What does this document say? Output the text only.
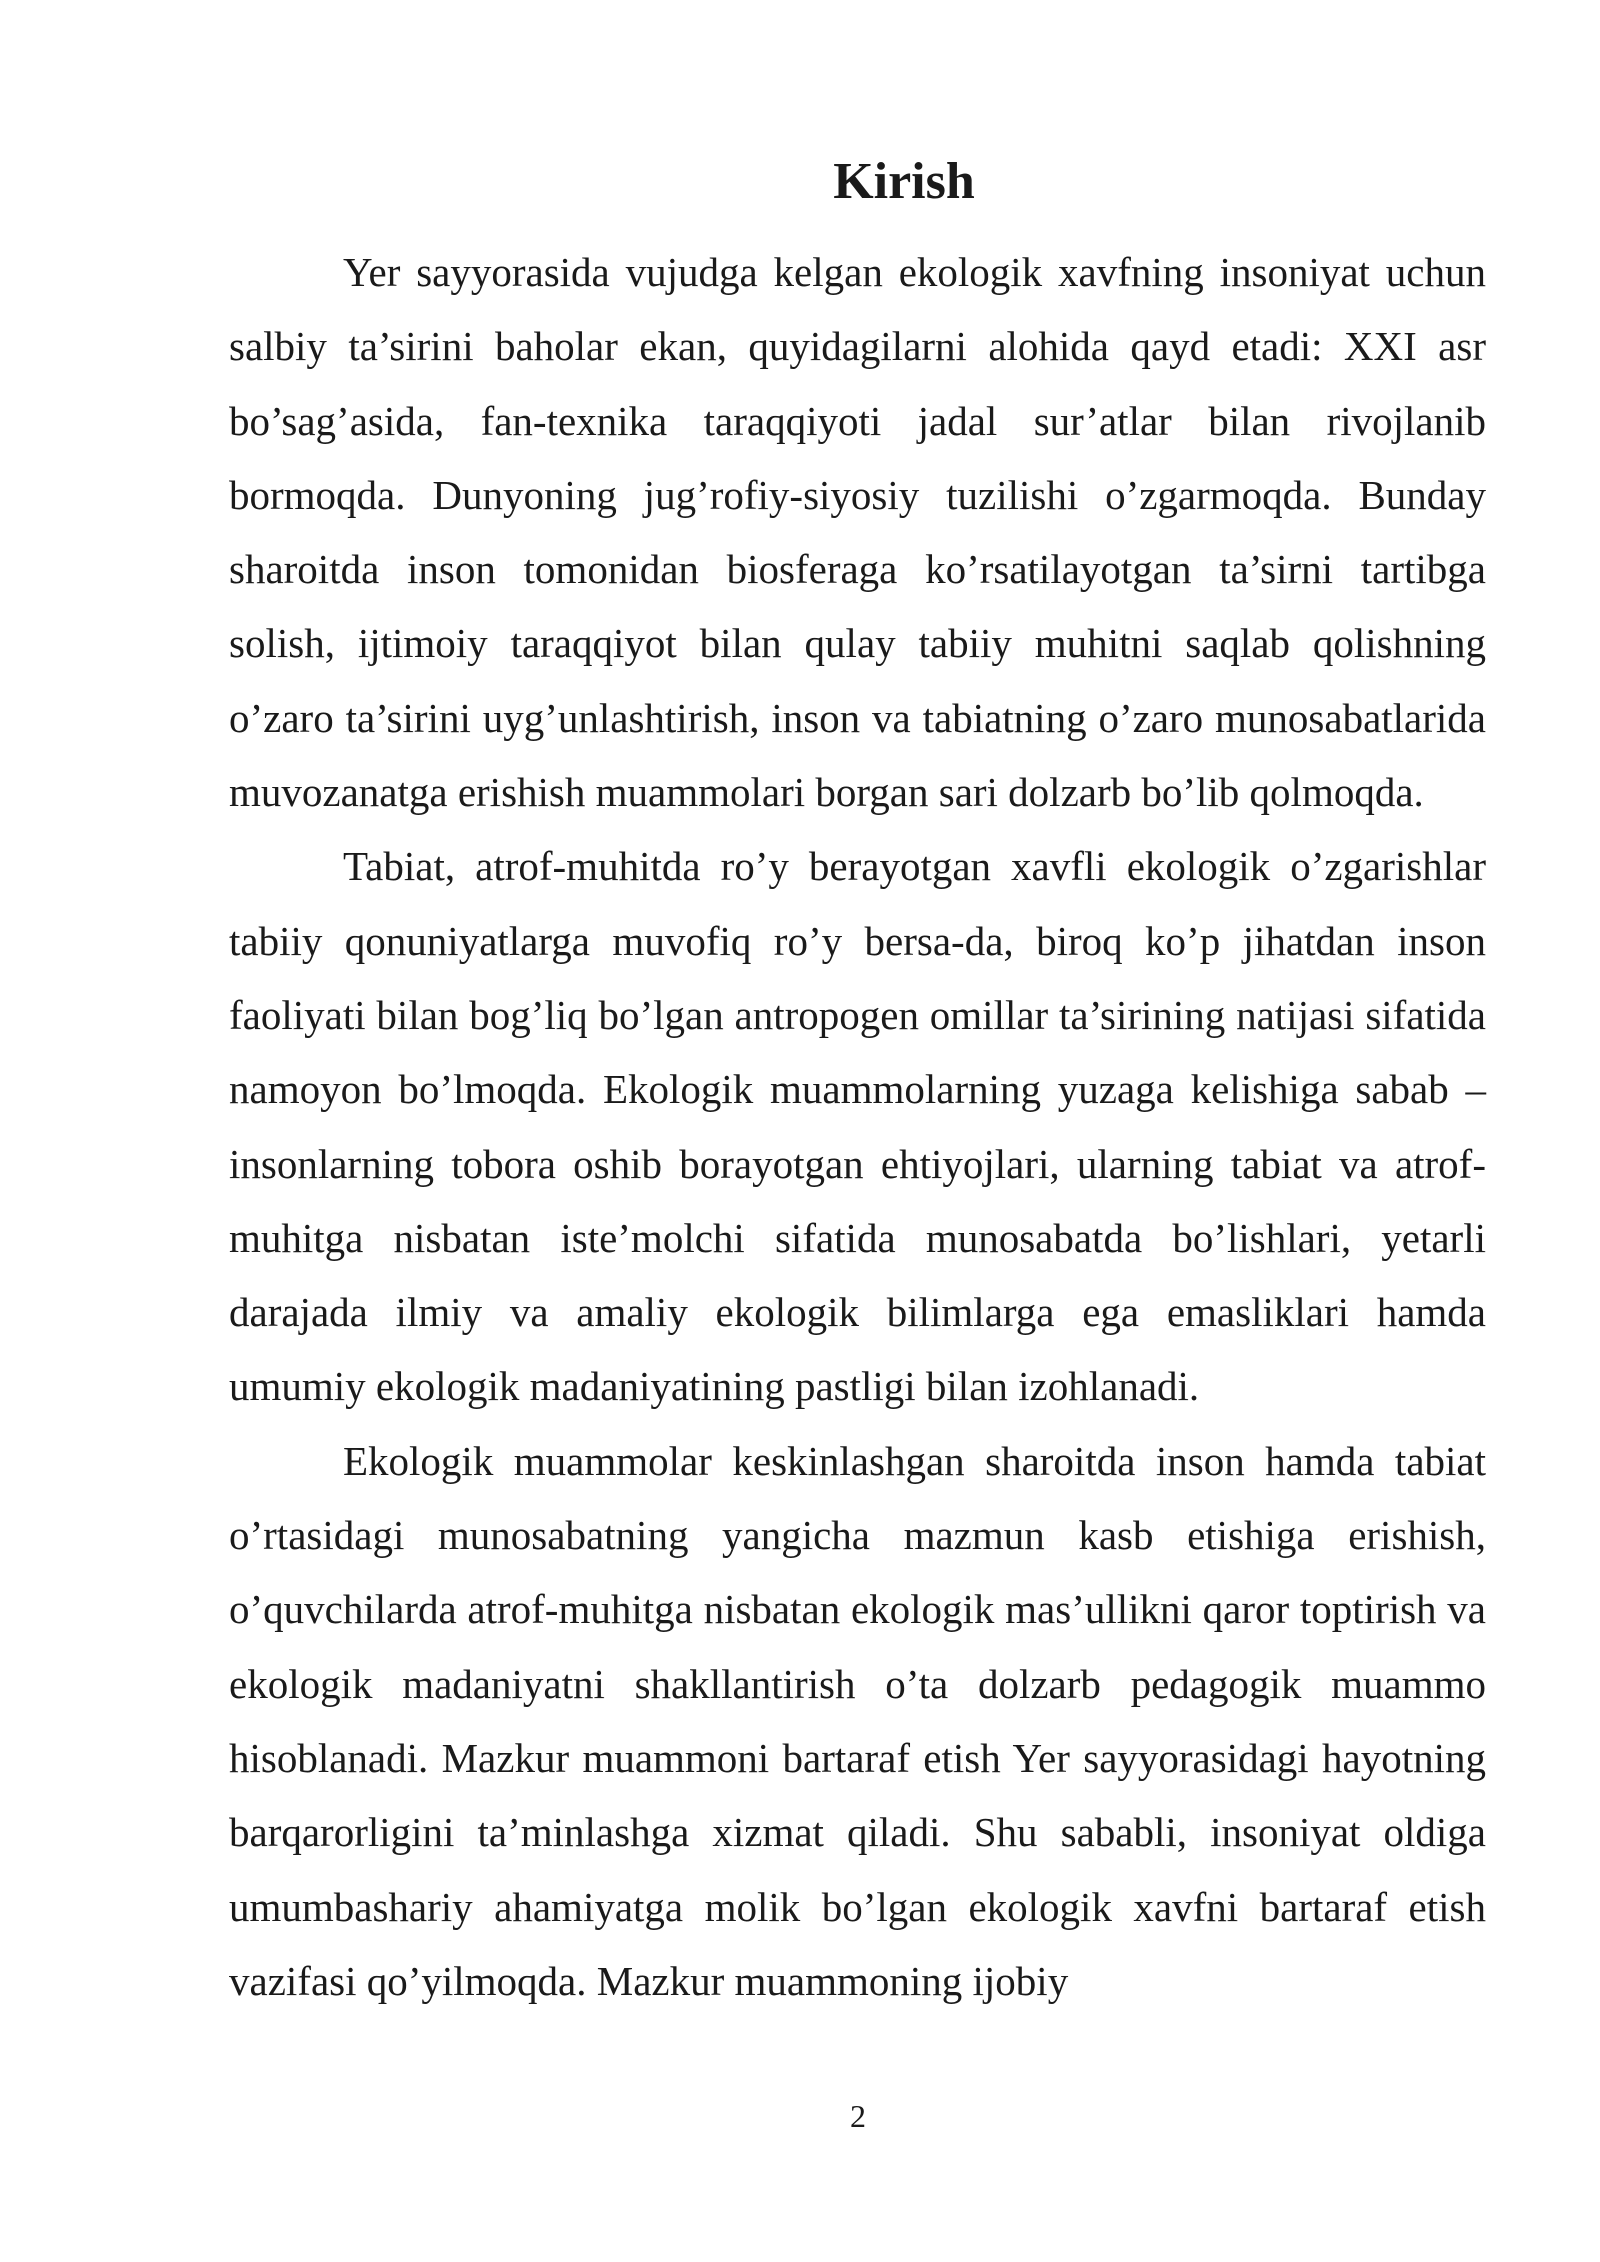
Kirish

Yer sayyorasida vujudga kelgan ekologik xavfning insoniyat uchun salbiy ta’sirini baholar ekan, quyidagilarni alohida qayd etadi: XXI asr bo’sag’asida, fan-texnika taraqqiyoti jadal sur’atlar bilan rivojlanib bormoqda. Dunyoning jug’rofiy-siyosiy tuzilishi o’zgarmoqda. Bunday sharoitda inson tomonidan biosferaga ko’rsatilayotgan ta’sirni tartibga solish, ijtimoiy taraqqiyot bilan qulay tabiiy muhitni saqlab qolishning o’zaro ta’sirini uyg’unlashtirish, inson va tabiatning o’zaro munosabatlarida muvozanatga erishish muammolari borgan sari dolzarb bo’lib qolmoqda.

Tabiat, atrof-muhitda ro’y berayotgan xavfli ekologik o’zgarishlar tabiiy qonuniyatlarga muvofiq ro’y bersa-da, biroq ko’p jihatdan inson faoliyati bilan bog’liq bo’lgan antropogen omillar ta’sirining natijasi sifatida namoyon bo’lmoqda. Ekologik muammolarning yuzaga kelishiga sabab – insonlarning tobora oshib borayotgan ehtiyojlari, ularning tabiat va atrof-muhitga nisbatan iste’molchi sifatida munosabatda bo’lishlari, yetarli darajada ilmiy va amaliy ekologik bilimlarga ega emasliklari hamda umumiy ekologik madaniyatining pastligi bilan izohlanadi.

Ekologik muammolar keskinlashgan sharoitda inson hamda tabiat o’rtasidagi munosabatning yangicha mazmun kasb etishiga erishish, o’quvchilarda atrof-muhitga nisbatan ekologik mas’ullikni qaror toptirish va ekologik madaniyatni shakllantirish o’ta dolzarb pedagogik muammo hisoblanadi. Mazkur muammoni bartaraf etish Yer sayyorasidagi hayotning barqarorligini ta’minlashga xizmat qiladi. Shu sababli, insoniyat oldiga umumbashariy ahamiyatga molik bo’lgan ekologik xavfni bartaraf etish vazifasi qo’yilmoqda. Mazkur muammoning ijobiy

2
